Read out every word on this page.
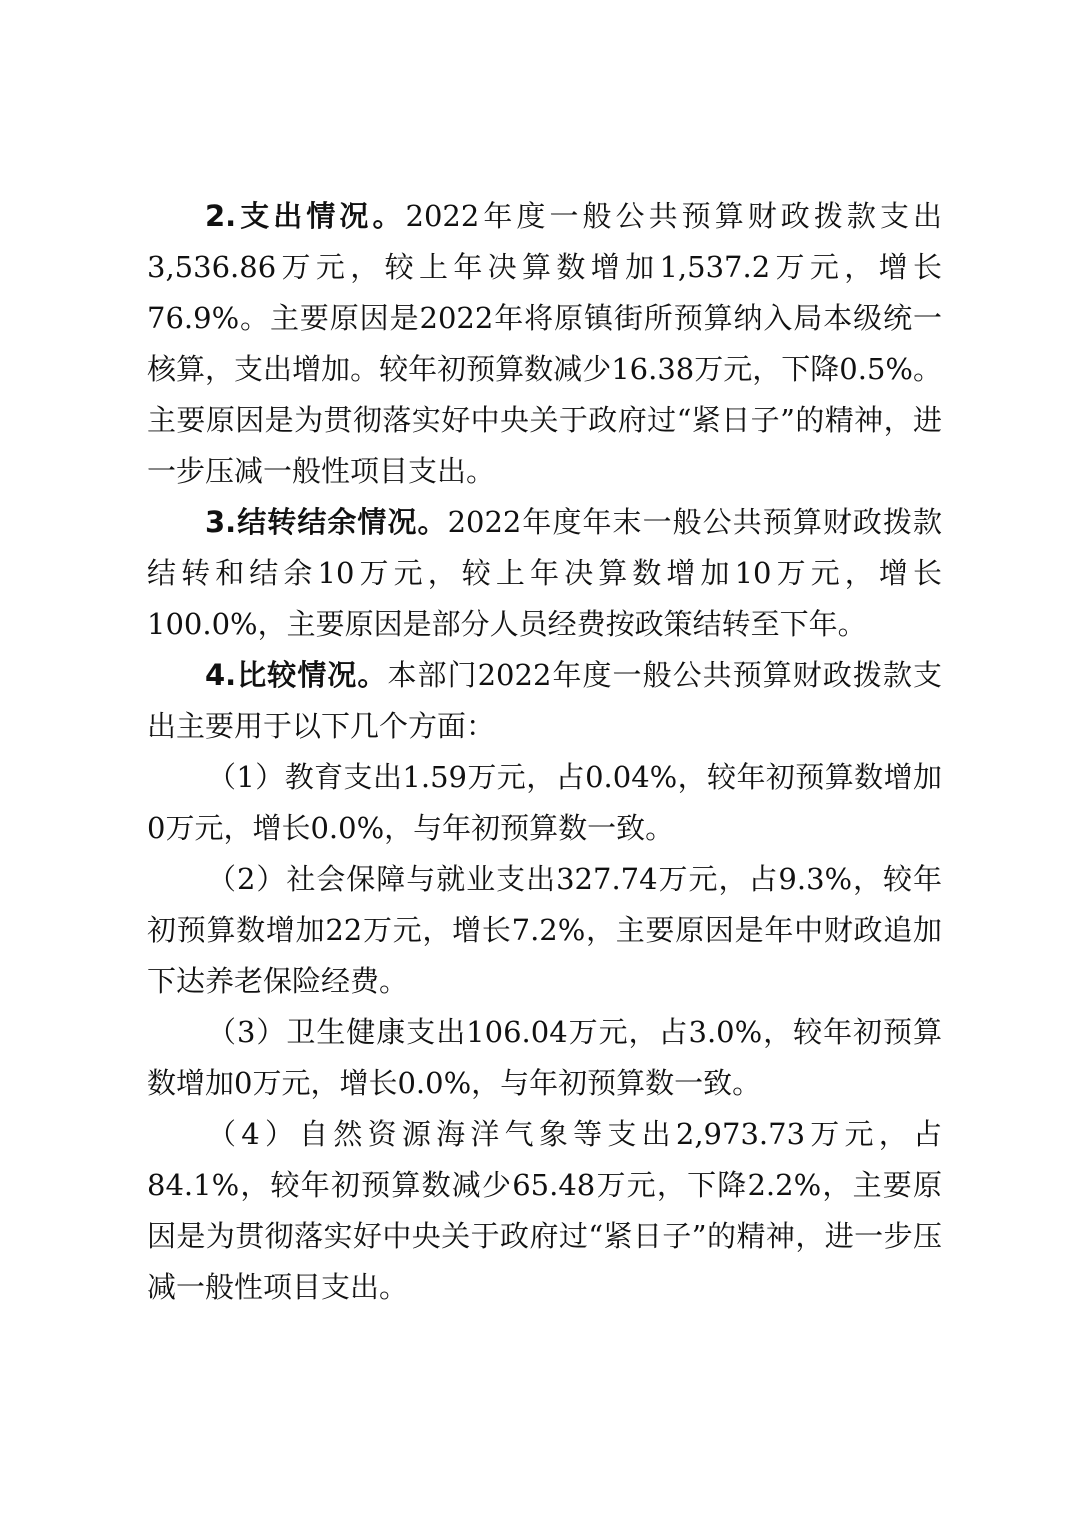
2.支出情况。2022年度一般公共预算财政拨款支出3,536.86万元，较上年决算数增加1,537.2万元，增长76.9%。主要原因是2022年将原镇街所预算纳入局本级统一核算，支出增加。较年初预算数减少16.38万元，下降0.5%。主要原因是为贯彻落实好中央关于政府过“紧日子”的精神，进一步压减一般性项目支出。

3.结转结余情况。2022年度年末一般公共预算财政拨款结转和结余10万元，较上年决算数增加10万元，增长100.0%，主要原因是部分人员经费按政策结转至下年。

4.比较情况。本部门2022年度一般公共预算财政拨款支出主要用于以下几个方面：

（1）教育支出1.59万元，占0.04%，较年初预算数增加0万元，增长0.0%，与年初预算数一致。

（2）社会保障与就业支出327.74万元，占9.3%，较年初预算数增加22万元，增长7.2%，主要原因是年中财政追加下达养老保险经费。

（3）卫生健康支出106.04万元，占3.0%，较年初预算数增加0万元，增长0.0%，与年初预算数一致。

（4）自然资源海洋气象等支出2,973.73万元，占84.1%，较年初预算数减少65.48万元，下降2.2%，主要原因是为贯彻落实好中央关于政府过“紧日子”的精神，进一步压减一般性项目支出。
